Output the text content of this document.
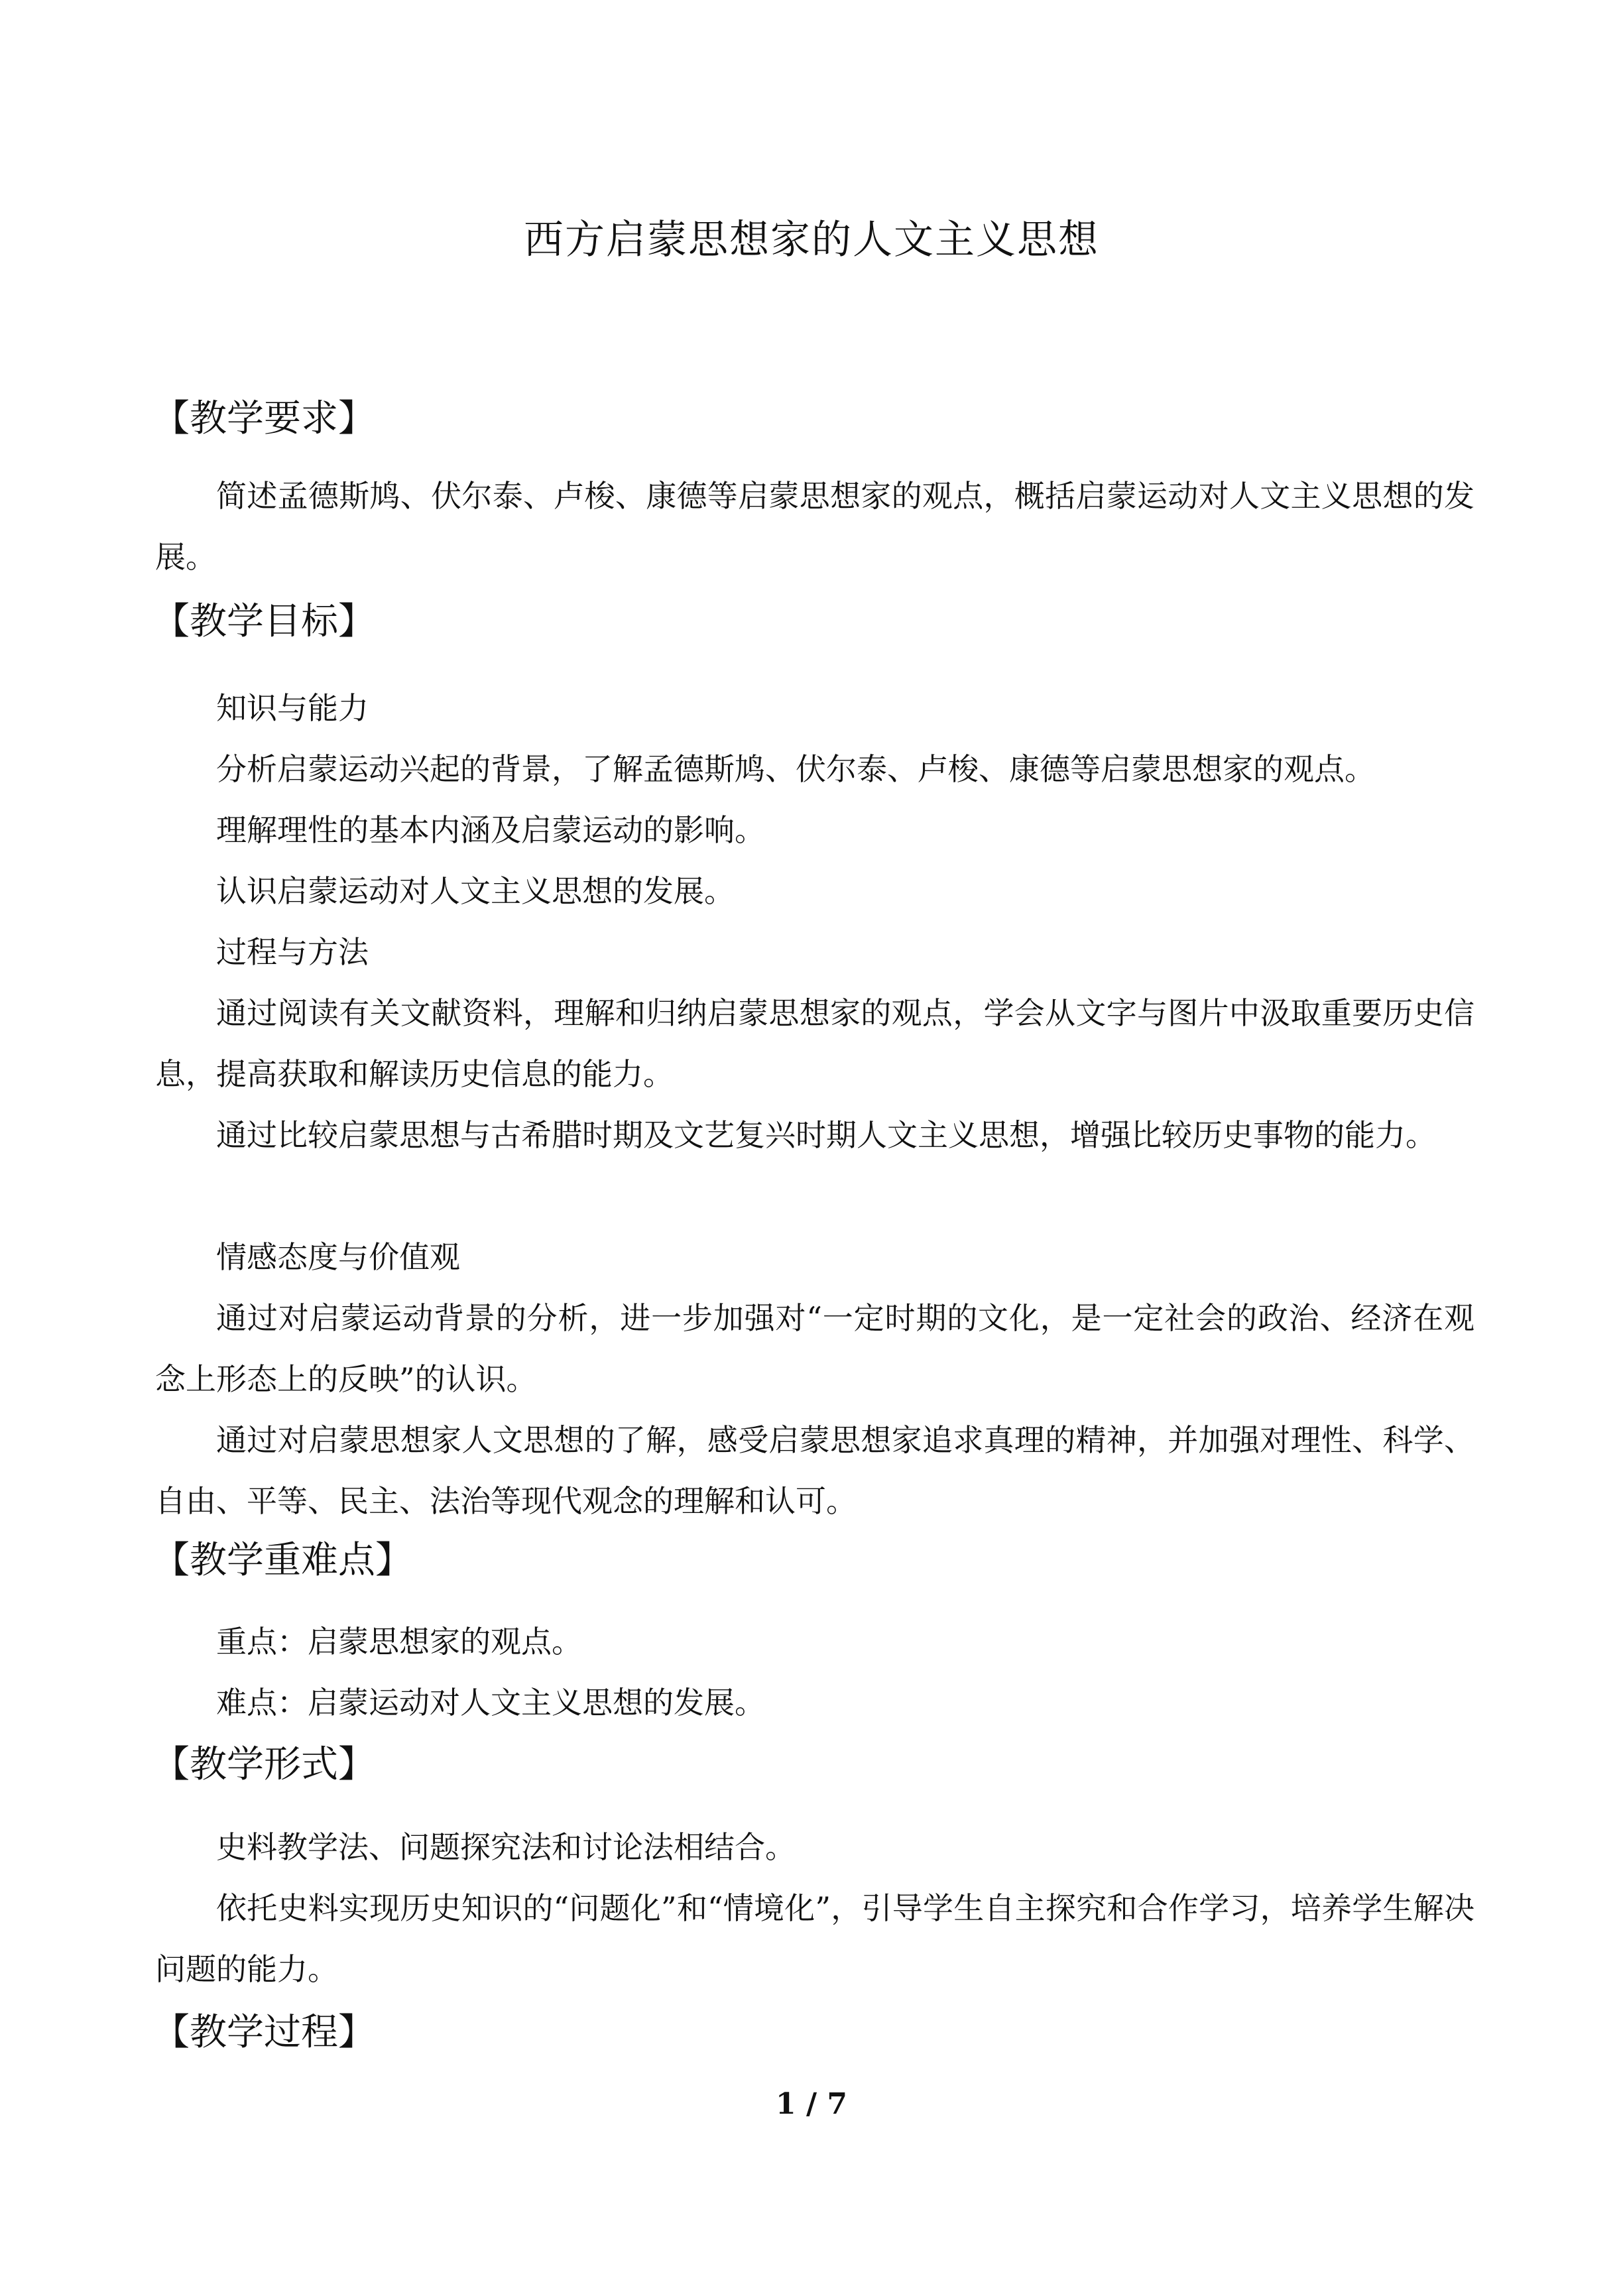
西方启蒙思想家的人文主义思想
【教学要求】
简述孟德斯鸠、伏尔泰、卢梭、康德等启蒙思想家的观点，概括启蒙运动对人文主义思想的发展。
【教学目标】
知识与能力
分析启蒙运动兴起的背景，了解孟德斯鸠、伏尔泰、卢梭、康德等启蒙思想家的观点。
理解理性的基本内涵及启蒙运动的影响。
认识启蒙运动对人文主义思想的发展。
过程与方法
通过阅读有关文献资料，理解和归纳启蒙思想家的观点，学会从文字与图片中汲取重要历史信息，提高获取和解读历史信息的能力。
通过比较启蒙思想与古希腊时期及文艺复兴时期人文主义思想，增强比较历史事物的能力。
情感态度与价值观
通过对启蒙运动背景的分析，进一步加强对“一定时期的文化，是一定社会的政治、经济在观念上形态上的反映”的认识。
通过对启蒙思想家人文思想的了解，感受启蒙思想家追求真理的精神，并加强对理性、科学、自由、平等、民主、法治等现代观念的理解和认可。
【教学重难点】
重点：启蒙思想家的观点。
难点：启蒙运动对人文主义思想的发展。
【教学形式】
史料教学法、问题探究法和讨论法相结合。
依托史料实现历史知识的“问题化”和“情境化”，引导学生自主探究和合作学习，培养学生解决问题的能力。
【教学过程】
1 / 7
